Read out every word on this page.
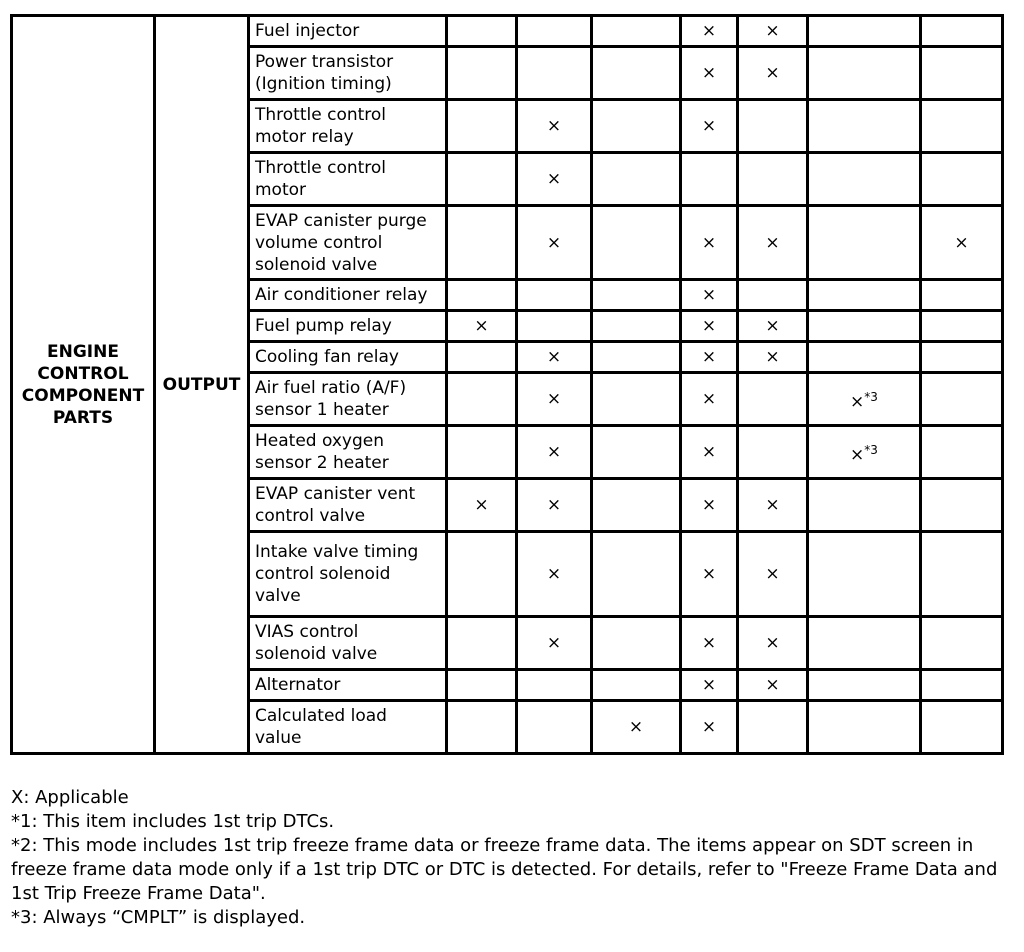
ENGINE
CONTROL
COMPONENT
PARTS	OUTPUT	Fuel injector				×	×		
		Power transistor
(Ignition timing)				×	×		
		Throttle control
motor relay		×		×			
		Throttle control
motor		×					
		EVAP canister purge
volume control
solenoid valve		×		×	×		×
		Air conditioner relay				×			
		Fuel pump relay	×			×	×		
		Cooling fan relay		×		×	×		
		Air fuel ratio (A/F)
sensor 1 heater		×		×		×$^{*3}$	
		Heated oxygen
sensor 2 heater		×		×		×$^{*3}$	
		EVAP canister vent
control valve	×	×		×	×		
		Intake valve timing
control solenoid
valve		×		×	×		
		VIAS control
solenoid valve		×		×	×		
		Alternator				×	×		
		Calculated load
value			×	×			
X: Applicable
*1: This item includes 1st trip DTCs.
*2: This mode includes 1st trip freeze frame data or freeze frame data. The items appear on SDT screen in freeze frame data mode only if a 1st trip DTC or DTC is detected. For details, refer to "Freeze Frame Data and 1st Trip Freeze Frame Data".
*3: Always “CMPLT” is displayed.
